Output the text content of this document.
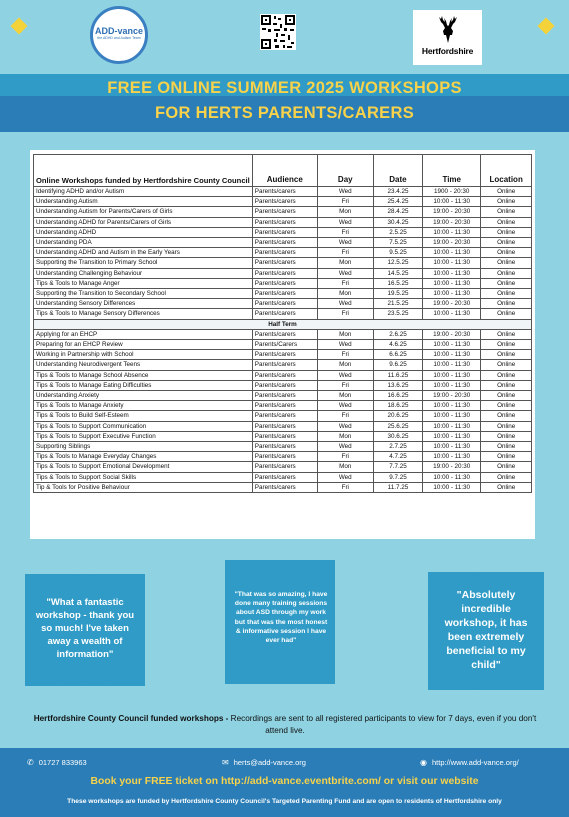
ADD-vance
the ADHD and Autism Team
Hertfordshire
FREE ONLINE SUMMER 2025 WORKSHOPS
FOR HERTS PARENTS/CARERS
Online Workshops funded by Hertfordshire County Council	Audience	Day	Date	Time	Location
Identifying ADHD and/or Autism	Parents/carers	Wed	23.4.25	1900 - 20:30	Online
Understanding Autism	Parents/carers	Fri	25.4.25	10:00 - 11:30	Online
Understanding Autism for Parents/Carers of Girls	Parents/carers	Mon	28.4.25	19:00 - 20:30	Online
Understanding ADHD for Parents/Carers of Girls	Parents/carers	Wed	30.4.25	19:00 - 20:30	Online
Understanding ADHD	Parents/carers	Fri	2.5.25	10:00 - 11:30	Online
Understanding PDA	Parents/carers	Wed	7.5.25	19:00 - 20:30	Online
Understanding ADHD and Autism in the Early Years	Parents/carers	Fri	9.5.25	10:00 - 11:30	Online
Supporting the Transition to Primary School	Parents/carers	Mon	12.5.25	10:00 - 11:30	Online
Understanding Challenging Behaviour	Parents/carers	Wed	14.5.25	10:00 - 11:30	Online
Tips & Tools to Manage Anger	Parents/carers	Fri	16.5.25	10:00 - 11:30	Online
Supporting the Transition to Secondary School	Parents/carers	Mon	19.5.25	10:00 - 11:30	Online
Understanding Sensory Differences	Parents/carers	Wed	21.5.25	19:00 - 20:30	Online
Tips & Tools to Manage Sensory Differences	Parents/carers	Fri	23.5.25	10:00 - 11:30	Online
Half Term					
Applying for an EHCP	Parents/carers	Mon	2.6.25	19:00 - 20:30	Online
Preparing for an EHCP Review	Parents/Carers	Wed	4.6.25	10:00 - 11:30	Online
Working in Partnership with School	Parents/carers	Fri	6.6.25	10:00 - 11:30	Online
Understanding Neurodivergent Teens	Parents/carers	Mon	9.6.25	10:00 - 11:30	Online
Tips & Tools to Manage School Absence	Parents/carers	Wed	11.6.25	10:00 - 11:30	Online
Tips & Tools to Manage Eating Difficulties	Parents/carers	Fri	13.6.25	10:00 - 11:30	Online
Understanding Anxiety	Parents/carers	Mon	16.6.25	19:00 - 20:30	Online
Tips & Tools to Manage Anxiety	Parents/carers	Wed	18.6.25	10:00 - 11:30	Online
Tips & Tools to Build Self-Esteem	Parents/carers	Fri	20.6.25	10:00 - 11:30	Online
Tips & Tools to Support Communication	Parents/carers	Wed	25.6.25	10:00 - 11:30	Online
Tips & Tools to Support Executive Function	Parents/carers	Mon	30.6.25	10:00 - 11:30	Online
Supporting Siblings	Parents/carers	Wed	2.7.25	10:00 - 11:30	Online
Tips & Tools to Manage Everyday Changes	Parents/carers	Fri	4.7.25	10:00 - 11:30	Online
Tips & Tools to Support Emotional Development	Parents/carers	Mon	7.7.25	19:00 - 20:30	Online
Tips & Tools to Support Social Skills	Parents/carers	Wed	9.7.25	10:00 - 11:30	Online
Tip & Tools for Positive Behaviour	Parents/carers	Fri	11.7.25	10:00 - 11:30	Online
"What a fantastic workshop - thank you so much! I've taken away a wealth of information"
"That was so amazing, I have done many training sessions about ASD through my work but that was the most honest & informative session I have ever had"
"Absolutely incredible workshop, it has been extremely beneficial to my child"
Hertfordshire County Council funded workshops - Recordings are sent to all registered participants to view for 7 days, even if you don't attend live.
✆ 01727 833963	✉ herts@add-vance.org	◉ http://www.add-vance.org/
Book your FREE ticket on http://add-vance.eventbrite.com/ or visit our website
These workshops are funded by Hertfordshire County Council's Targeted Parenting Fund and are open to residents of Hertfordshire only
